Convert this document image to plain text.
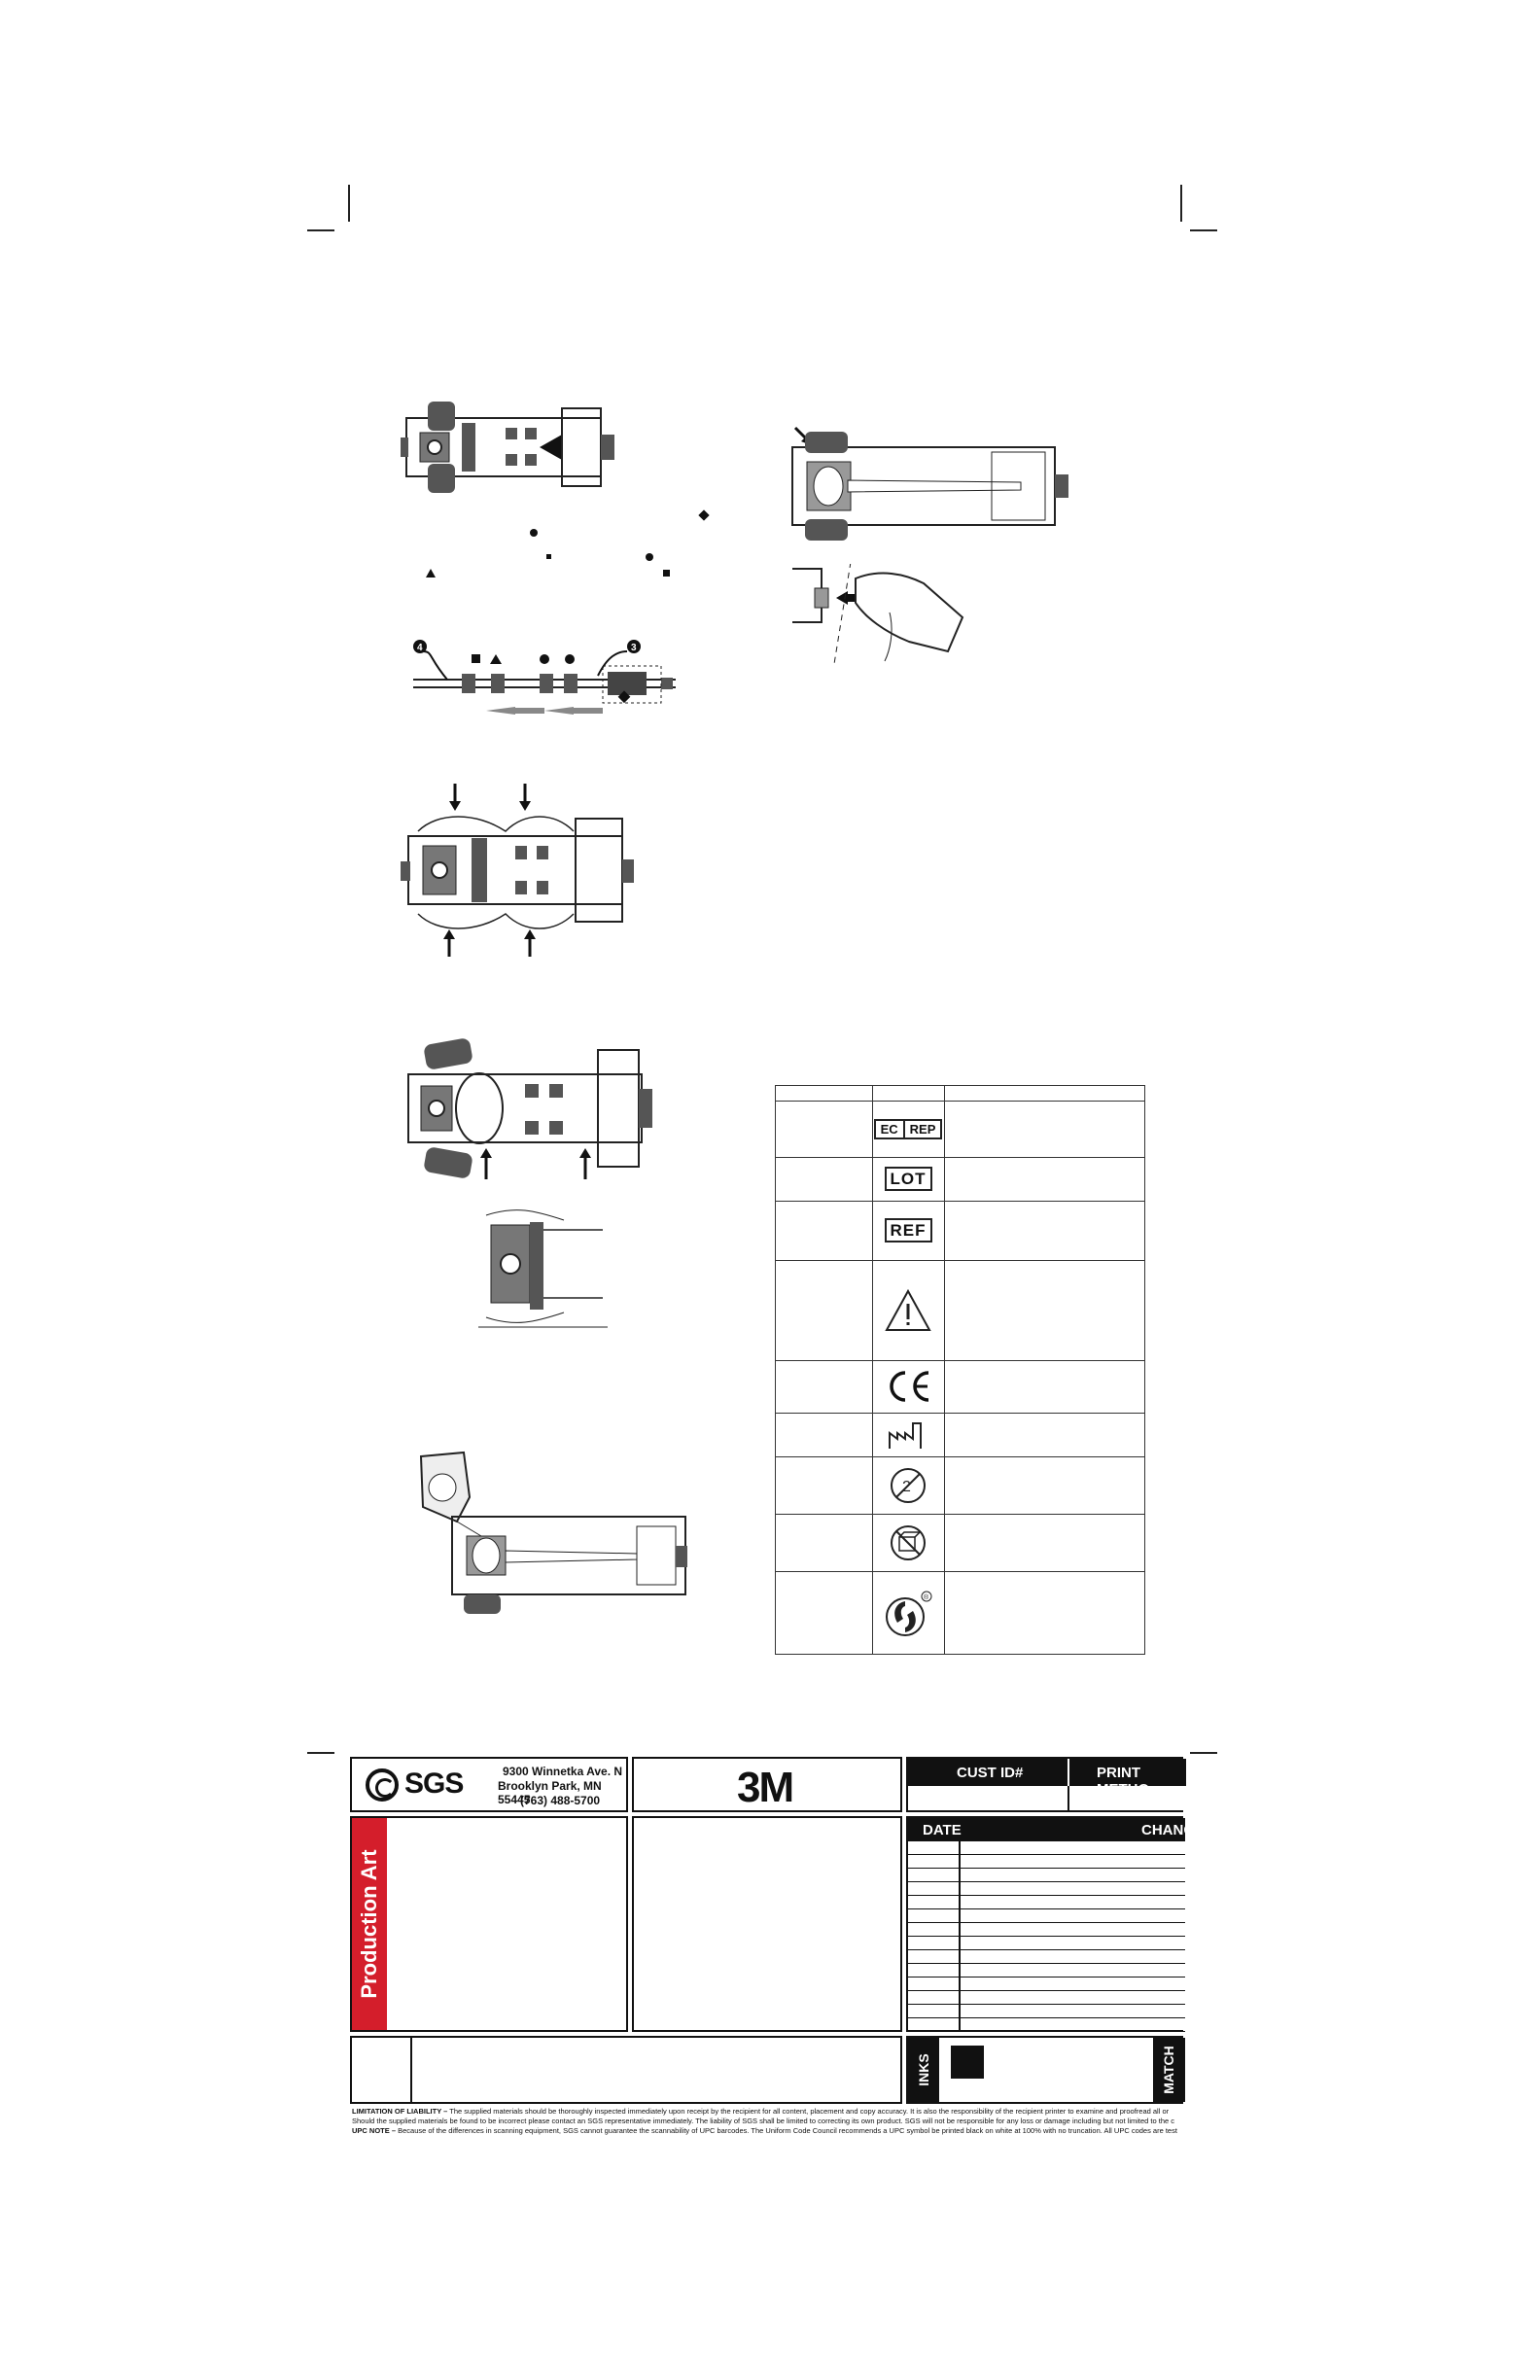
4	3
EC REP
LOT
REF
2
®
SGS	9300 Winnetka Ave. N
Brooklyn Park, MN 55445
(763) 488-5700	3M	CUST ID#	PRINT METHO
Production Art
DATE	CHANG
INKS	MATCH
LIMITATION OF LIABILITY – The supplied materials should be thoroughly inspected immediately upon receipt by the recipient for all content, placement and copy accuracy. It is also the responsibility of the recipient printer to examine and proofread all or
Should the supplied materials be found to be incorrect please contact an SGS representative immediately. The liability of SGS shall be limited to correcting its own product. SGS will not be responsible for any loss or damage including but not limited to the c
UPC NOTE – Because of the differences in scanning equipment, SGS cannot guarantee the scannability of UPC barcodes. The Uniform Code Council recommends a UPC symbol be printed black on white at 100% with no truncation. All UPC codes are test
